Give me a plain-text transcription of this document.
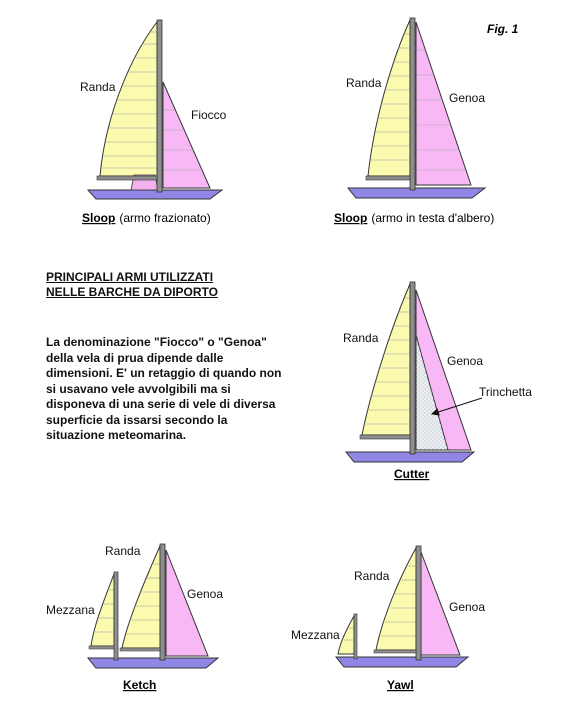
Fig. 1
Randa
Fiocco
Sloop (armo frazionato)
Randa
Genoa
Sloop (armo in testa d'albero)
Randa
Genoa
Trinchetta
Cutter
Randa
Genoa
Mezzana
Ketch
Randa
Genoa
Mezzana
Yawl

PRINCIPALI ARMI UTILIZZATI
NELLE BARCHE DA DIPORTO

La denominazione "Fiocco" o "Genoa" della vela di prua dipende dalle dimensioni. E' un retaggio di quando non si usavano vele avvolgibili ma si disponeva di una serie di vele di diversa superficie da issarsi secondo la situazione meteomarina.
